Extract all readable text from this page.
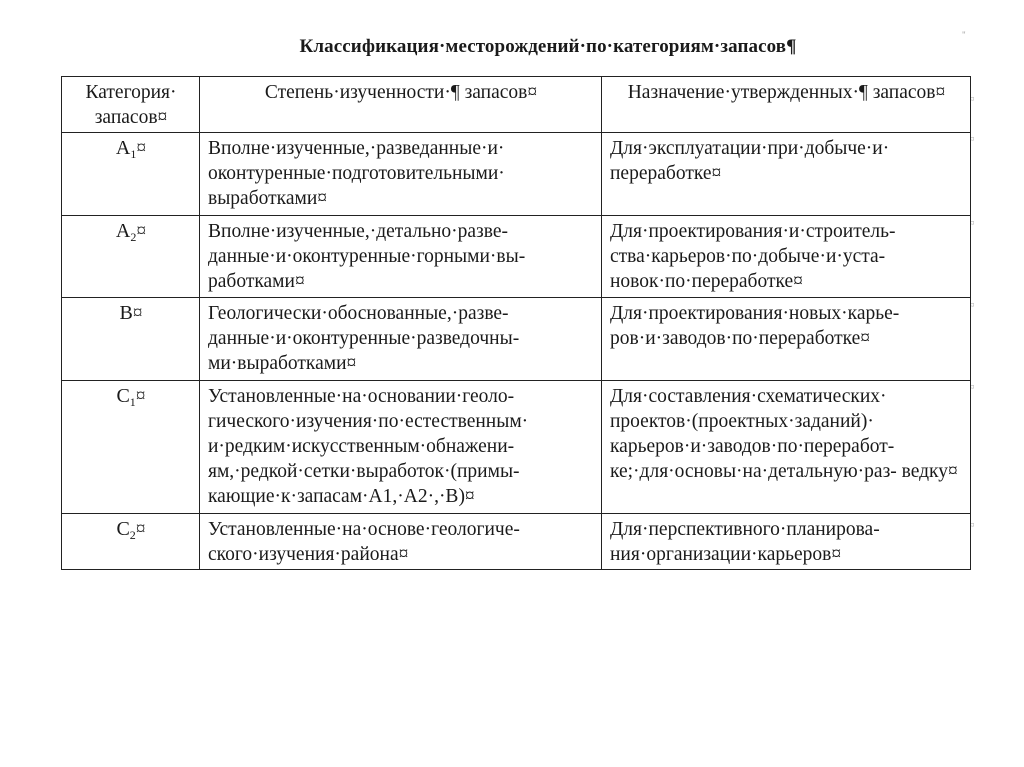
Классификация·месторождений·по·категориям·запасов¶
"
¤
¤
¤
¤
¤
¤
Категория· запасов¤	Степень·изученности·¶ запасов¤	Назначение·утвержденных·¶ запасов¤
$А_1¤$	Вполне·изученные,·разведанные·и· оконтуренные·подготовительными· выработками¤	Для·эксплуатации·при·добыче·и· переработке¤
$А_2¤$	Вполне·изученные,·детально·разве- данные·и·оконтуренные·горными·вы- работками¤	Для·проектирования·и·строитель- ства·карьеров·по·добыче·и·уста- новок·по·переработке¤
В¤	Геологически·обоснованные,·разве- данные·и·оконтуренные·разведочны- ми·выработками¤	Для·проектирования·новых·карье- ров·и·заводов·по·переработке¤
$С_1¤$	Установленные·на·основании·геоло- гического·изучения·по·естественным· и·редким·искусственным·обнажени- ям,·редкой·сетки·выработок·(примы- кающие·к·запасам·А1,·А2·,·В)¤	Для·составления·схематических· проектов·(проектных·заданий)· карьеров·и·заводов·по·переработ- ке;·для·основы·на·детальную·раз- ведку¤
$С_2¤$	Установленные·на·основе·геологиче- ского·изучения·района¤	Для·перспективного·планирова- ния·организации·карьеров¤
